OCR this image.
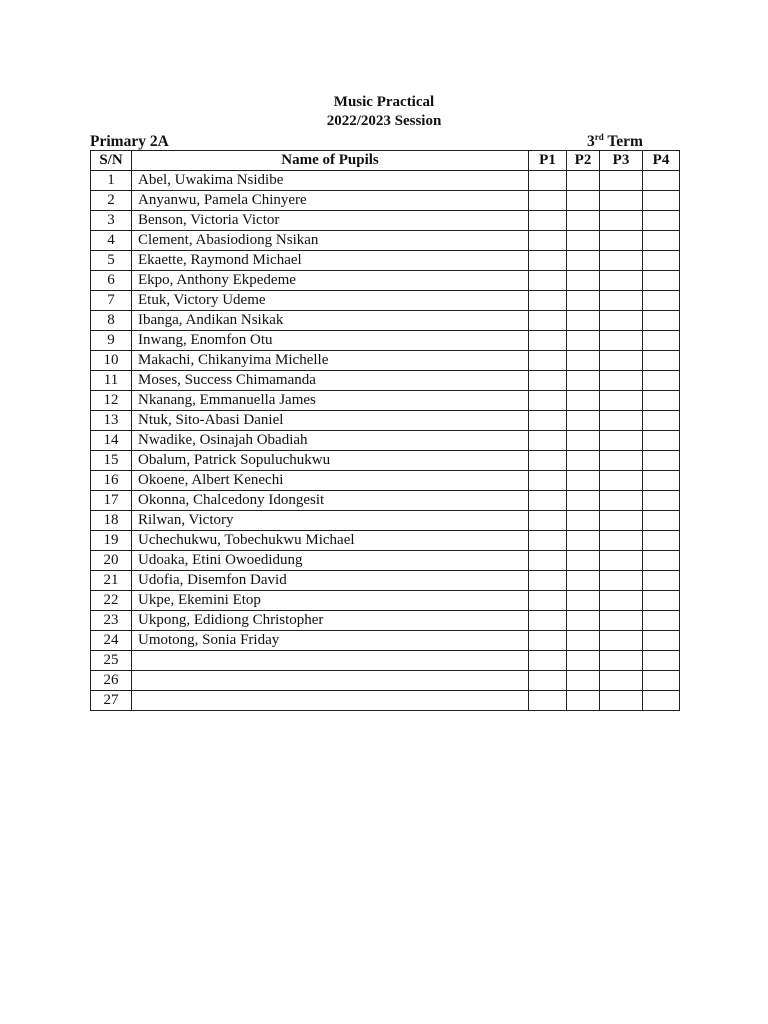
Music Practical
2022/2023 Session
Primary 2A	3rd Term
S/N	Name of Pupils	P1	P2	P3	P4
1	Abel, Uwakima Nsidibe				
2	Anyanwu, Pamela Chinyere				
3	Benson, Victoria Victor				
4	Clement, Abasiodiong Nsikan				
5	Ekaette, Raymond Michael				
6	Ekpo, Anthony Ekpedeme				
7	Etuk, Victory Udeme				
8	Ibanga, Andikan Nsikak				
9	Inwang, Enomfon Otu				
10	Makachi, Chikanyima Michelle				
11	Moses, Success Chimamanda				
12	Nkanang, Emmanuella James				
13	Ntuk, Sito-Abasi Daniel				
14	Nwadike, Osinajah Obadiah				
15	Obalum, Patrick Sopuluchukwu				
16	Okoene, Albert Kenechi				
17	Okonna, Chalcedony Idongesit				
18	Rilwan, Victory				
19	Uchechukwu, Tobechukwu Michael				
20	Udoaka, Etini Owoedidung				
21	Udofia, Disemfon David				
22	Ukpe, Ekemini Etop				
23	Ukpong, Edidiong Christopher				
24	Umotong, Sonia Friday				
25					
26					
27					
